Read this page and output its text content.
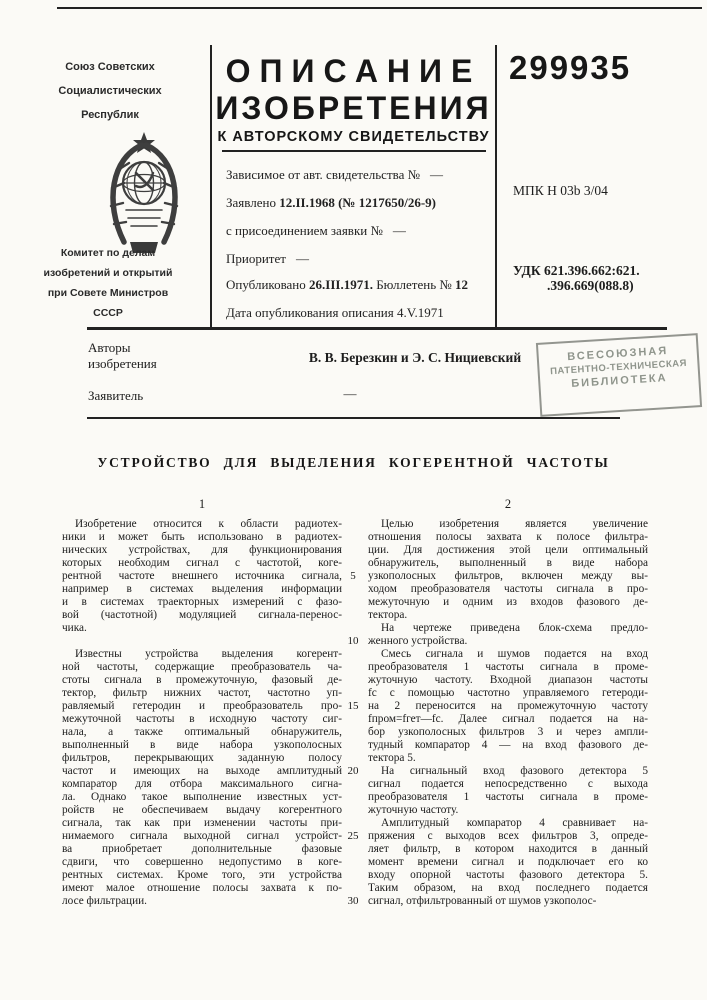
Союз Советских
Социалистических
Республик
Комитет по делам
изобретений и открытий
при Совете Министров
СССР
ОПИСАНИЕ
ИЗОБРЕТЕНИЯ
К АВТОРСКОМУ СВИДЕТЕЛЬСТВУ
Зависимое от авт. свидетельства № —
Заявлено 12.II.1968 (№ 1217650/26-9)
с присоединением заявки № —
Приоритет —
Опубликовано 26.III.1971. Бюллетень № 12
Дата опубликования описания 4.V.1971
299935
МПК Н 03b 3/04
УДК 621.396.662:621.
.396.669(088.8)
Авторы
изобретения	В. В. Березкин и Э. С. Нициевский
Заявитель	—
ВСЕСОЮЗНАЯ
ПАТЕНТНО-ТЕХНИЧЕСКАЯ
БИБЛИОТЕКА
УСТРОЙСТВО ДЛЯ ВЫДЕЛЕНИЯ КОГЕРЕНТНОЙ ЧАСТОТЫ
1
Изобретение относится к области радиотех-
ники и может быть использовано в радиотех-
нических устройствах, для функционирования
которых необходим сигнал с частотой, коге-
рентной частоте внешнего источника сигнала,
например в системах выделения информации
и в системах траекторных измерений с фазо-
вой (частотной) модуляцией сигнала-перенос-
чика.
Известны устройства выделения когерент-
ной частоты, содержащие преобразователь ча-
стоты сигнала в промежуточную, фазовый де-
тектор, фильтр нижних частот, частотно уп-
равляемый гетеродин и преобразователь про-
межуточной частоты в исходную частоту сиг-
нала, а также оптимальный обнаружитель,
выполненный в виде набора узкополосных
фильтров, перекрывающих заданную полосу
частот и имеющих на выходе амплитудный
компаратор для отбора максимального сигна-
ла. Однако такое выполнение известных уст-
ройств не обеспечиваем выдачу когерентного
сигнала, так как при изменении частоты при-
нимаемого сигнала выходной сигнал устройст-
ва приобретает дополнительные фазовые
сдвиги, что совершенно недопустимо в коге-
рентных системах. Кроме того, эти устройства
имеют малое отношение полосы захвата к по-
лосе фильтрации.
2
Целью изобретения является увеличение
отношения полосы захвата к полосе фильтра-
ции. Для достижения этой цели оптимальный
обнаружитель, выполненный в виде набора
узкополосных фильтров, включен между вы-
ходом преобразователя частоты сигнала в про-
межуточную и одним из входов фазового де-
тектора.
На чертеже приведена блок-схема предло-
женного устройства.
Смесь сигнала и шумов подается на вход
преобразователя 1 частоты сигнала в проме-
жуточную частоту. Входной диапазон частоты
fс с помощью частотно управляемого гетероди-
на 2 переносится на промежуточную частоту
fпром=fгет—fс. Далее сигнал подается на на-
бор узкополосных фильтров 3 и через ампли-
тудный компаратор 4 — на вход фазового де-
тектора 5.
На сигнальный вход фазового детектора 5
сигнал подается непосредственно с выхода
преобразователя 1 частоты сигнала в проме-
жуточную частоту.
Амплитудный компаратор 4 сравнивает на-
пряжения с выходов всех фильтров 3, опреде-
ляет фильтр, в котором находится в данный
момент времени сигнал и подключает его ко
входу опорной частоты фазового детектора 5.
Таким образом, на вход последнего подается
сигнал, отфильтрованный от шумов узкополос-
5
10
15
20
25
30
